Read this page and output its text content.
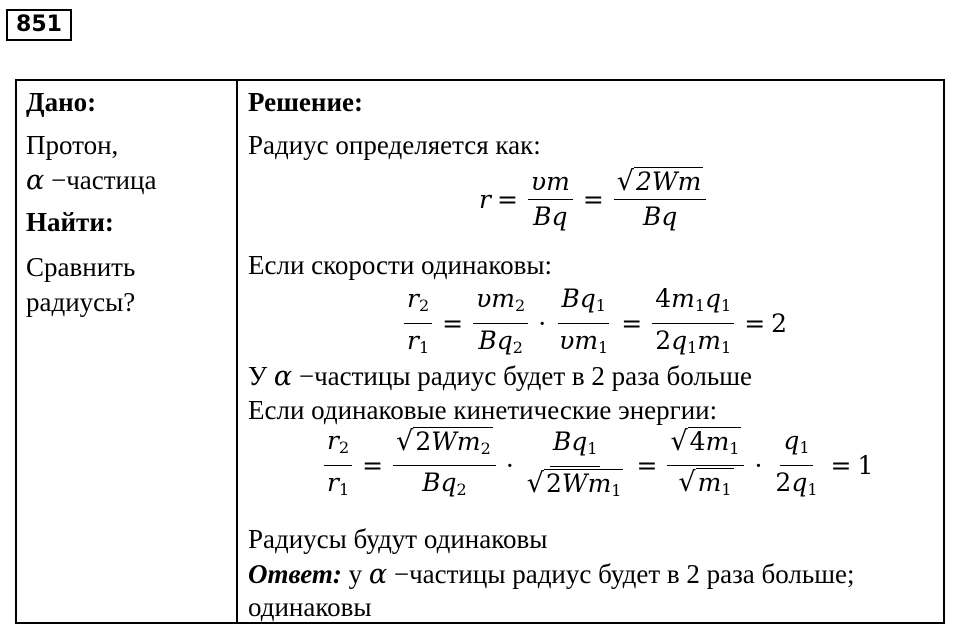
851
Дано:
Протон,
α −частица
Найти:
Сравнить
радиусы?
Решение:
Радиус определяется как:
$r = \frac{\upsilon m}{Bq} = \frac{√ 2Wm}{Bq}$
Если скорости одинаковы:
$\frac{r_2}{r_1} = \frac{\upsilon m_2}{Bq_2} \cdot \frac{Bq_1}{\upsilon m_1} = \frac{4m_1q_1}{2q_1m_1} = 2$
У α −частицы радиус будет в 2 раза больше
Если одинаковые кинетические энергии:
$\frac{r_2}{r_1} = \frac{√ 2Wm_2}{Bq_2} \cdot \frac{Bq_1}{√ 2Wm_1} = \frac{√ 4m_1}{√ m_1} \cdot \frac{q_1}{2q_1} = 1$
Радиусы будут одинаковы
Ответ: у α −частицы радиус будет в 2 раза больше;
одинаковы
